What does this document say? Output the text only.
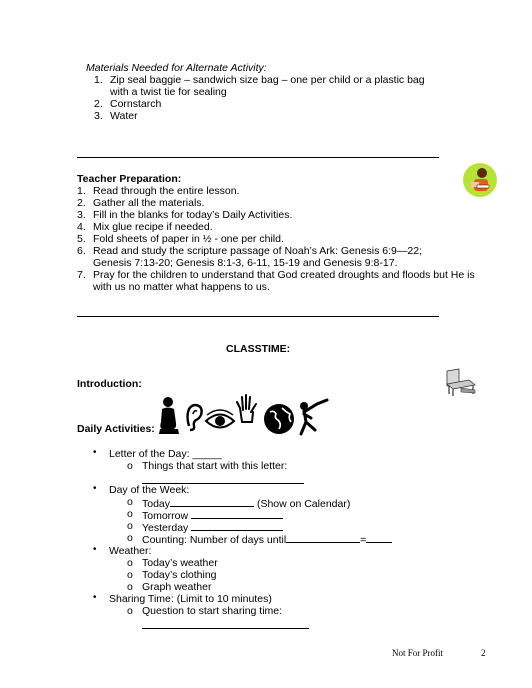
Materials Needed for Alternate Activity:
1. Zip seal baggie – sandwich size bag – one per child or a plastic bag
with a twist tie for sealing
2. Cornstarch
3. Water
Teacher Preparation:
1. Read through the entire lesson.
2. Gather all the materials.
3. Fill in the blanks for today’s Daily Activities.
4. Mix glue recipe if needed.
5. Fold sheets of paper in ½ - one per child.
6. Read and study the scripture passage of Noah’s Ark: Genesis 6:9—22;
Genesis 7:13-20; Genesis 8:1-3, 6-11, 15-19 and Genesis 9:8-17.
7. Pray for the children to understand that God created droughts and floods but He is
with us no matter what happens to us.
CLASSTIME:
Introduction:
Daily Activities:
• Letter of the Day: _____
o Things that start with this letter:
• Day of the Week:
o Today	(Show on Calendar)
o Tomorrow
o Yesterday
o Counting: Number of days until	=
• Weather:
o Today’s weather
o Today’s clothing
o Graph weather
• Sharing Time: (Limit to 10 minutes)
o Question to start sharing time:
Not For Profit	2
